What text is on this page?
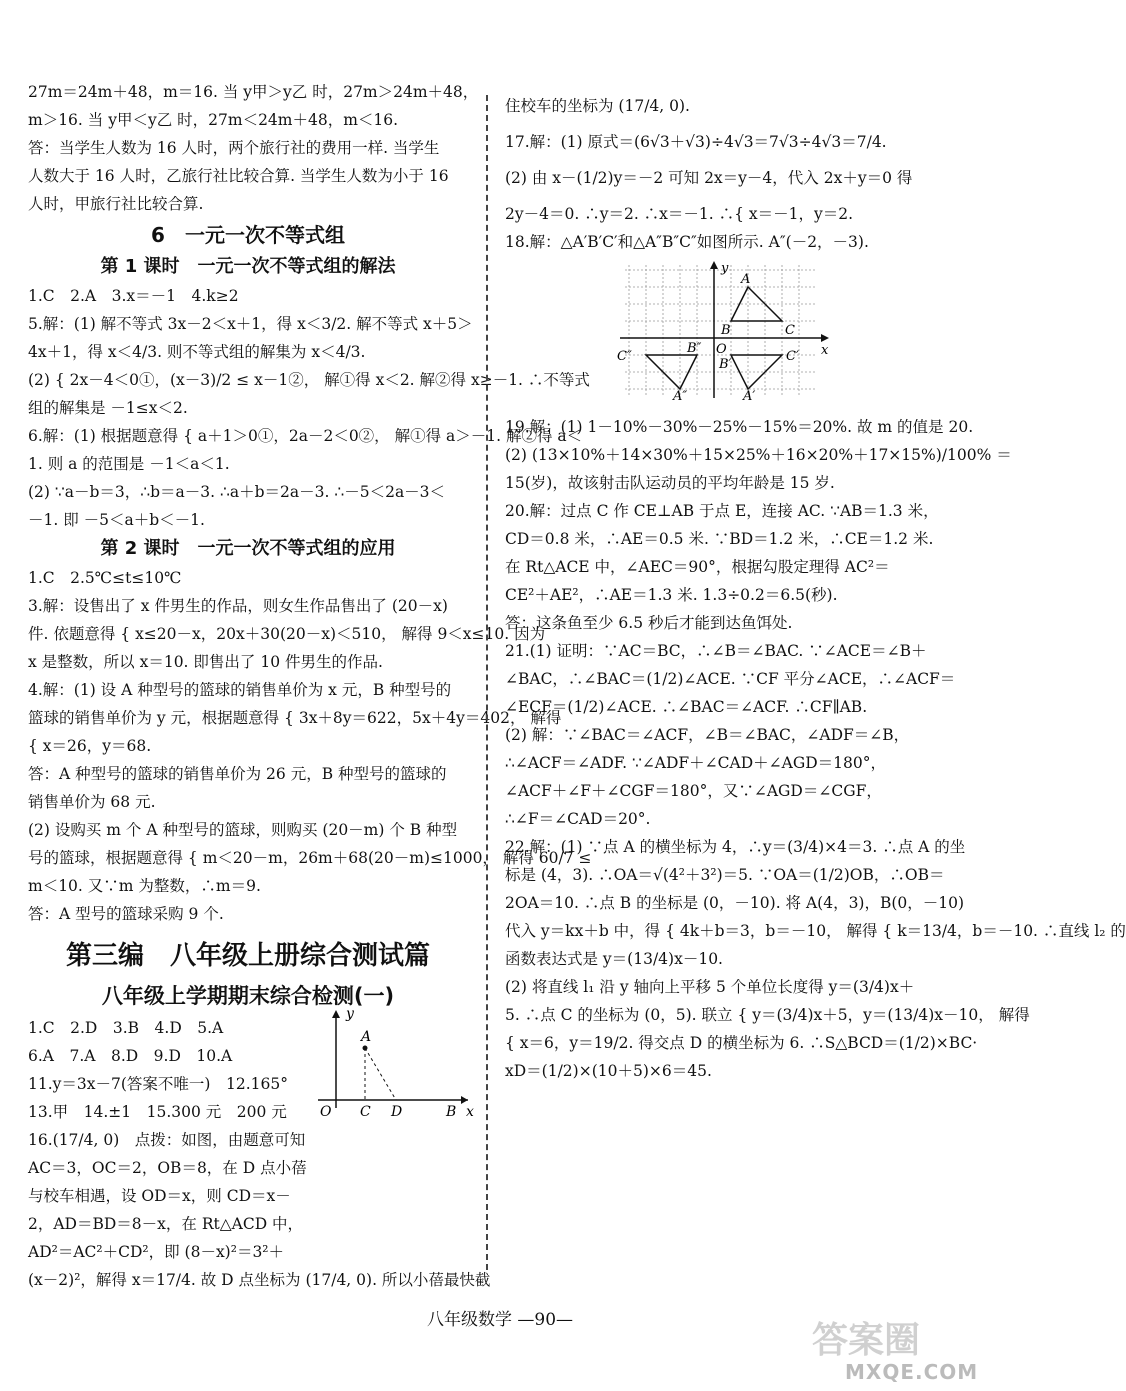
27m＝24m＋48，m＝16. 当 y甲＞y乙 时，27m＞24m＋48，
m＞16. 当 y甲＜y乙 时，27m＜24m＋48，m＜16.
答：当学生人数为 16 人时，两个旅行社的费用一样. 当学生
人数大于 16 人时，乙旅行社比较合算. 当学生人数为小于 16
人时，甲旅行社比较合算.
6　一元一次不等式组
第 1 课时　一元一次不等式组的解法
1.C　2.A　3.x＝－1　4.k≥2
5.解：(1) 解不等式 3x－2＜x＋1，得 x＜3/2. 解不等式 x＋5＞
4x＋1，得 x＜4/3. 则不等式组的解集为 x＜4/3.
(2) { 2x－4＜0①，(x－3)/2 ≤ x－1②， 解①得 x＜2. 解②得 x≥－1. ∴不等式
组的解集是 －1≤x＜2.
6.解：(1) 根据题意得 { a＋1＞0①，2a－2＜0②， 解①得 a＞－1. 解②得 a＜
1. 则 a 的范围是 －1＜a＜1.
(2) ∵a－b＝3，∴b＝a－3. ∴a＋b＝2a－3. ∴－5＜2a－3＜
－1. 即 －5＜a＋b＜－1.
第 2 课时　一元一次不等式组的应用
1.C　2.5℃≤t≤10℃
3.解：设售出了 x 件男生的作品，则女生作品售出了 (20－x)
件. 依题意得 { x≤20－x，20x＋30(20－x)＜510， 解得 9＜x≤10. 因为
x 是整数，所以 x＝10. 即售出了 10 件男生的作品.
4.解：(1) 设 A 种型号的篮球的销售单价为 x 元，B 种型号的
篮球的销售单价为 y 元，根据题意得 { 3x＋8y＝622，5x＋4y＝402， 解得
{ x＝26，y＝68.
答：A 种型号的篮球的销售单价为 26 元，B 种型号的篮球的
销售单价为 68 元.
(2) 设购买 m 个 A 种型号的篮球，则购买 (20－m) 个 B 种型
号的篮球，根据题意得 { m＜20－m，26m＋68(20－m)≤1000， 解得 60/7 ≤
m＜10. 又∵m 为整数，∴m＝9.
答：A 型号的篮球采购 9 个.
第三编　八年级上册综合测试篇
八年级上学期期末综合检测(一)
1.C　2.D　3.B　4.D　5.A
6.A　7.A　8.D　9.D　10.A
11.y＝3x－7(答案不唯一)　12.165°
13.甲　14.±1　15.300 元　200 元
16.(17/4, 0)　点拨：如图，由题意可知
AC＝3，OC＝2，OB＝8，在 D 点小蓓
与校车相遇，设 OD＝x，则 CD＝x－
2，AD＝BD＝8－x，在 Rt△ACD 中，
AD²＝AC²＋CD²，即 (8－x)²＝3²＋
(x－2)²，解得 x＝17/4. 故 D 点坐标为 (17/4, 0). 所以小蓓最快截
y
x
O
A
C D	B
住校车的坐标为 (17/4, 0).
17.解：(1) 原式＝(6√3＋√3)÷4√3＝7√3÷4√3＝7/4.
(2) 由 x－(1/2)y＝－2 可知 2x＝y－4，代入 2x＋y＝0 得
2y－4＝0. ∴y＝2. ∴x＝－1. ∴{ x＝－1，y＝2.
18.解：△A′B′C′和△A″B″C″如图所示. A″(－2，－3).
y
x
O
A
B	C
A′
B′
C′
A″
B″
C″
19.解：(1) 1－10%－30%－25%－15%＝20%. 故 m 的值是 20.
(2) (13×10%＋14×30%＋15×25%＋16×20%＋17×15%)/100% ＝
15(岁)，故该射击队运动员的平均年龄是 15 岁.
20.解：过点 C 作 CE⊥AB 于点 E，连接 AC. ∵AB＝1.3 米，
CD＝0.8 米，∴AE＝0.5 米. ∵BD＝1.2 米，∴CE＝1.2 米.
在 Rt△ACE 中，∠AEC＝90°，根据勾股定理得 AC²＝
CE²＋AE²，∴AE＝1.3 米. 1.3÷0.2＝6.5(秒).
答：这条鱼至少 6.5 秒后才能到达鱼饵处.
21.(1) 证明：∵AC＝BC，∴∠B＝∠BAC. ∵∠ACE＝∠B＋
∠BAC，∴∠BAC＝(1/2)∠ACE. ∵CF 平分∠ACE，∴∠ACF＝
∠ECF＝(1/2)∠ACE. ∴∠BAC＝∠ACF. ∴CF∥AB.
(2) 解：∵∠BAC＝∠ACF，∠B＝∠BAC，∠ADF＝∠B，
∴∠ACF＝∠ADF. ∵∠ADF＋∠CAD＋∠AGD＝180°，
∠ACF＋∠F＋∠CGF＝180°，又∵∠AGD＝∠CGF，
∴∠F＝∠CAD＝20°.
22.解：(1) ∵点 A 的横坐标为 4，∴y＝(3/4)×4＝3. ∴点 A 的坐
标是 (4，3). ∴OA＝√(4²＋3²)＝5. ∵OA＝(1/2)OB，∴OB＝
2OA＝10. ∴点 B 的坐标是 (0，－10). 将 A(4，3)，B(0，－10)
代入 y＝kx＋b 中，得 { 4k＋b＝3，b＝－10， 解得 { k＝13/4，b＝－10. ∴直线 l₂ 的
函数表达式是 y＝(13/4)x－10.
(2) 将直线 l₁ 沿 y 轴向上平移 5 个单位长度得 y＝(3/4)x＋
5. ∴点 C 的坐标为 (0，5). 联立 { y＝(3/4)x＋5，y＝(13/4)x－10， 解得
{ x＝6，y＝19/2. 得交点 D 的横坐标为 6. ∴S△BCD＝(1/2)×BC·
xD＝(1/2)×(10＋5)×6＝45.
八年级数学 —90—	答案圈
MXQE.COM
